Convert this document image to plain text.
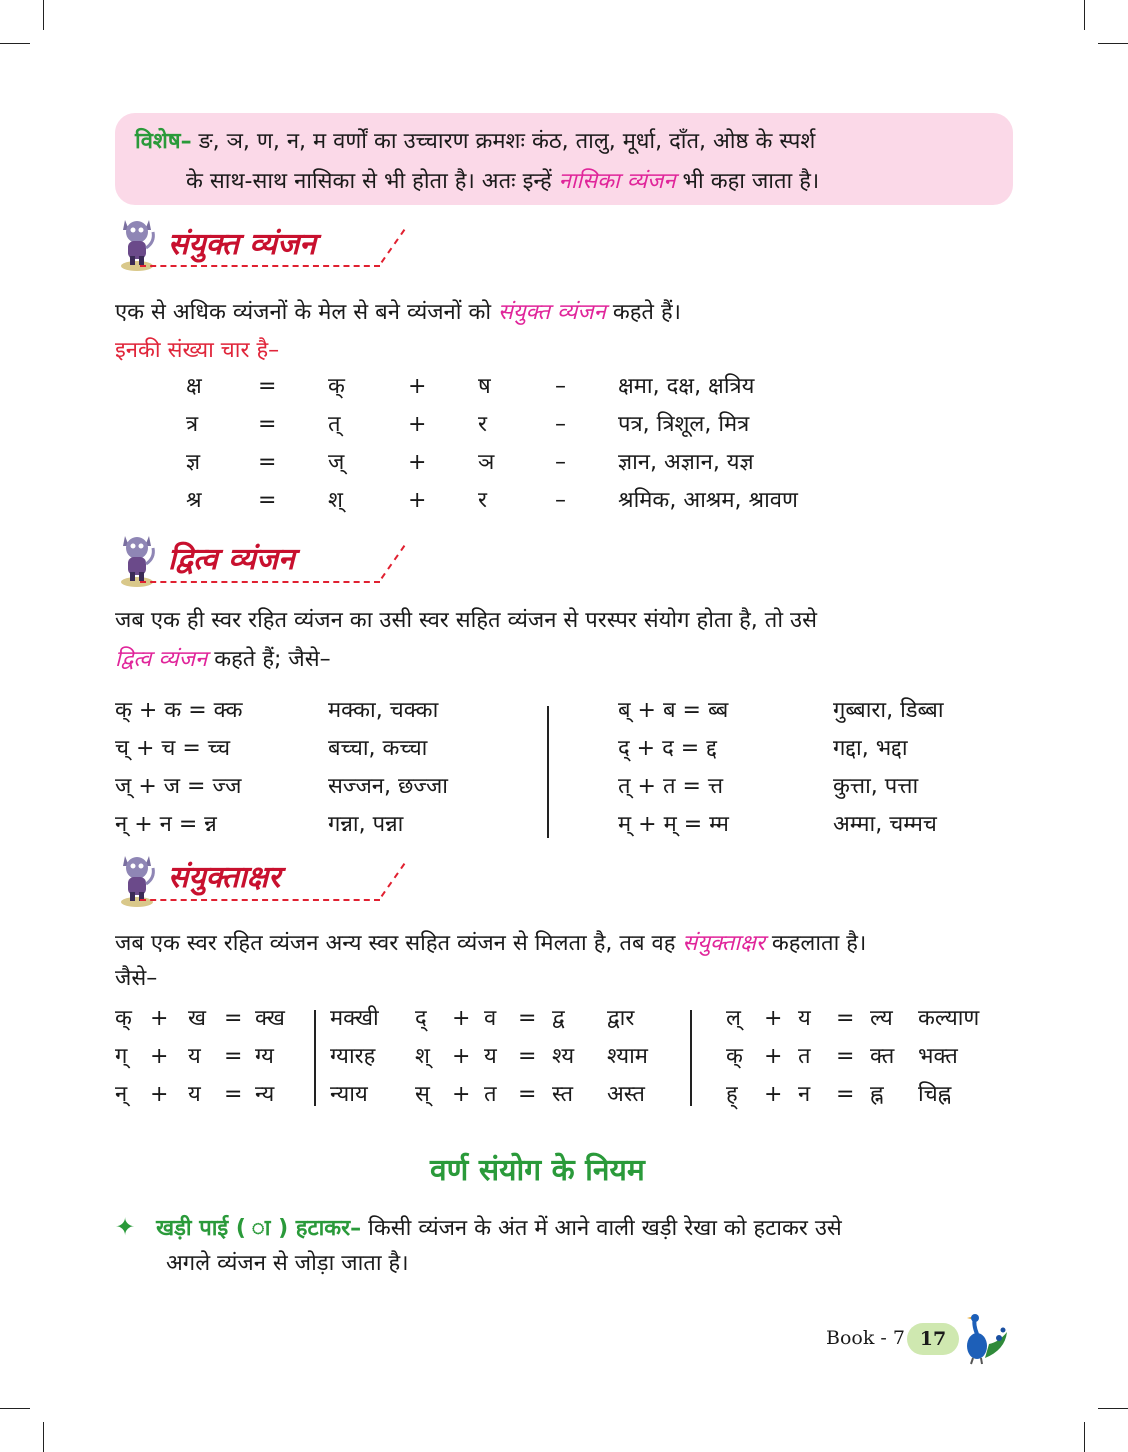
विशेष– ङ, ञ, ण, न, म वर्णों का उच्चारण क्रमशः कंठ, तालु, मूर्धा, दाँत, ओष्ठ के स्पर्श
के साथ-साथ नासिका से भी होता है। अतः इन्हें नासिका व्यंजन भी कहा जाता है।
संयुक्त व्यंजन
एक से अधिक व्यंजनों के मेल से बने व्यंजनों को संयुक्त व्यंजन कहते हैं।
इनकी संख्या चार है–
क्ष	= क्	+ ष	– क्षमा, दक्ष, क्षत्रिय
त्र	= त्	+ र	– पत्र, त्रिशूल, मित्र
ज्ञ	= ज्	+ ञ	– ज्ञान, अज्ञान, यज्ञ
श्र	= श्	+ र	– श्रमिक, आश्रम, श्रावण
द्वित्व व्यंजन
जब एक ही स्वर रहित व्यंजन का उसी स्वर सहित व्यंजन से परस्पर संयोग होता है, तो उसे
द्वित्व व्यंजन कहते हैं; जैसे–
क् + क = क्क	मक्का, चक्का
च् + च = च्च	बच्चा, कच्चा
ज् + ज = ज्ज	सज्जन, छज्जा
न् + न = न्न	गन्ना, पन्ना
ब् + ब = ब्ब	गुब्बारा, डिब्बा
द् + द = द्द	गद्दा, भद्दा
त् + त = त्त	कुत्ता, पत्ता
म् + म् = म्म	अम्मा, चम्मच
संयुक्ताक्षर
जब एक स्वर रहित व्यंजन अन्य स्वर सहित व्यंजन से मिलता है, तब वह संयुक्ताक्षर कहलाता है।
जैसे–
क् + ख = क्ख मक्खी द् + व = द्व द्वार	ल् + य = ल्य कल्याण
ग् + य = ग्य	ग्यारह श् + य = श्य श्याम	क् + त = क्त भक्त
न् + य = न्य	न्याय स् + त = स्त अस्त	ह् + न = ह्न चिह्न
वर्ण संयोग के नियम
✦ खड़ी पाई ( ा ) हटाकर– किसी व्यंजन के अंत में आने वाली खड़ी रेखा को हटाकर उसे
अगले व्यंजन से जोड़ा जाता है।
Book - 7 17
